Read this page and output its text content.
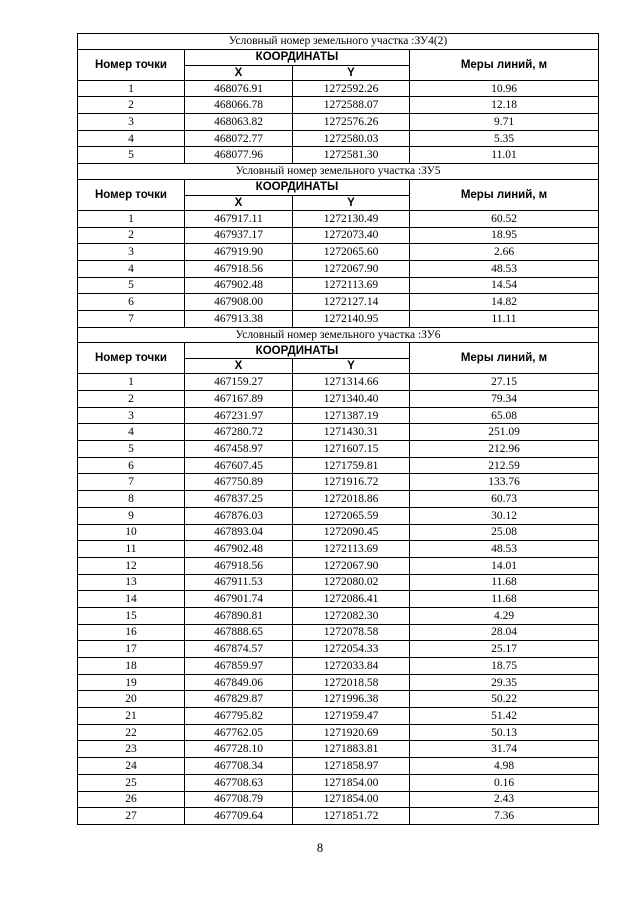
Условный номер земельного участка :ЗУ4(2)			
Номер точки	КООРДИНАТЫ		Меры линий, м
	X	Y	
1	468076.91	1272592.26	10.96
2	468066.78	1272588.07	12.18
3	468063.82	1272576.26	9.71
4	468072.77	1272580.03	5.35
5	468077.96	1272581.30	11.01
Условный номер земельного участка :ЗУ5			
Номер точки	КООРДИНАТЫ		Меры линий, м
	X	Y	
1	467917.11	1272130.49	60.52
2	467937.17	1272073.40	18.95
3	467919.90	1272065.60	2.66
4	467918.56	1272067.90	48.53
5	467902.48	1272113.69	14.54
6	467908.00	1272127.14	14.82
7	467913.38	1272140.95	11.11
Условный номер земельного участка :ЗУ6			
Номер точки	КООРДИНАТЫ		Меры линий, м
	X	Y	
1	467159.27	1271314.66	27.15
2	467167.89	1271340.40	79.34
3	467231.97	1271387.19	65.08
4	467280.72	1271430.31	251.09
5	467458.97	1271607.15	212.96
6	467607.45	1271759.81	212.59
7	467750.89	1271916.72	133.76
8	467837.25	1272018.86	60.73
9	467876.03	1272065.59	30.12
10	467893.04	1272090.45	25.08
11	467902.48	1272113.69	48.53
12	467918.56	1272067.90	14.01
13	467911.53	1272080.02	11.68
14	467901.74	1272086.41	11.68
15	467890.81	1272082.30	4.29
16	467888.65	1272078.58	28.04
17	467874.57	1272054.33	25.17
18	467859.97	1272033.84	18.75
19	467849.06	1272018.58	29.35
20	467829.87	1271996.38	50.22
21	467795.82	1271959.47	51.42
22	467762.05	1271920.69	50.13
23	467728.10	1271883.81	31.74
24	467708.34	1271858.97	4.98
25	467708.63	1271854.00	0.16
26	467708.79	1271854.00	2.43
27	467709.64	1271851.72	7.36
8
